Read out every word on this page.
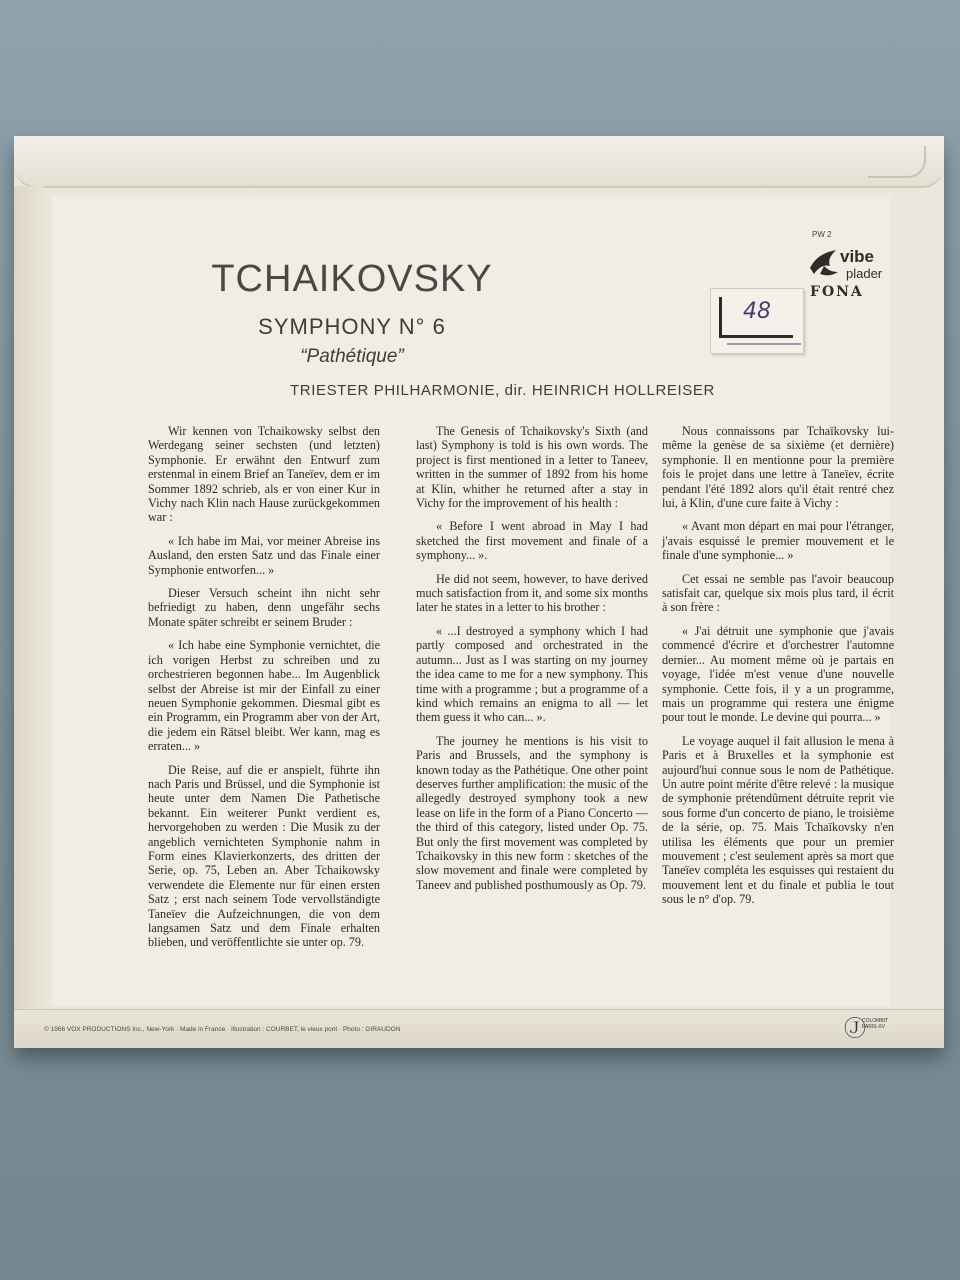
TCHAIKOVSKY
SYMPHONY N° 6
“Pathétique”
TRIESTER PHILHARMONIE, dir. HEINRICH HOLLREISER
48

Wir kennen von Tchaikowsky selbst den Werdegang seiner sechsten (und letzten) Symphonie. Er erwähnt den Entwurf zum erstenmal in einem Brief an Taneïev, dem er im Sommer 1892 schrieb, als er von einer Kur in Vichy nach Klin nach Hause zurückgekommen war :

« Ich habe im Mai, vor meiner Abreise ins Ausland, den ersten Satz und das Finale einer Symphonie entworfen... »

Dieser Versuch scheint ihn nicht sehr befriedigt zu haben, denn ungefähr sechs Monate später schreibt er seinem Bruder :

« Ich habe eine Symphonie vernichtet, die ich vorigen Herbst zu schreiben und zu orchestrieren begonnen habe... Im Augenblick selbst der Abreise ist mir der Einfall zu einer neuen Symphonie gekommen. Diesmal gibt es ein Programm, ein Programm aber von der Art, die jedem ein Rätsel bleibt. Wer kann, mag es erraten... »

Die Reise, auf die er anspielt, führte ihn nach Paris und Brüssel, und die Symphonie ist heute unter dem Namen Die Pathetische bekannt. Ein weiterer Punkt verdient es, hervorgehoben zu werden : Die Musik zu der angeblich vernichteten Symphonie nahm in Form eines Klavierkonzerts, des dritten der Serie, op. 75, Leben an. Aber Tchaikowsky verwendete die Elemente nur für einen ersten Satz ; erst nach seinem Tode vervollständigte Taneïev die Aufzeichnungen, die von dem langsamen Satz und dem Finale erhalten blieben, und veröffentlichte sie unter op. 79.

The Genesis of Tchaikovsky's Sixth (and last) Symphony is told is his own words. The project is first mentioned in a letter to Taneev, written in the summer of 1892 from his home at Klin, whither he returned after a stay in Vichy for the improvement of his health :

« Before I went abroad in May I had sketched the first movement and finale of a symphony... ».

He did not seem, however, to have derived much satisfaction from it, and some six months later he states in a letter to his brother :

« ...I destroyed a symphony which I had partly composed and orchestrated in the autumn... Just as I was starting on my journey the idea came to me for a new symphony. This time with a programme ; but a programme of a kind which remains an enigma to all — let them guess it who can... ».

The journey he mentions is his visit to Paris and Brussels, and the symphony is known today as the Pathétique. One other point deserves further amplification: the music of the allegedly destroyed symphony took a new lease on life in the form of a Piano Concerto — the third of this category, listed under Op. 75. But only the first movement was completed by Tchaikovsky in this new form : sketches of the slow movement and finale were completed by Taneev and published posthumously as Op. 79.

Nous connaissons par Tchaïkovsky lui-même la genèse de sa sixième (et dernière) symphonie. Il en mentionne pour la première fois le projet dans une lettre à Taneïev, écrite pendant l'été 1892 alors qu'il était rentré chez lui, à Klin, d'une cure faite à Vichy :

« Avant mon départ en mai pour l'étranger, j'avais esquissé le premier mouvement et le finale d'une symphonie... »

Cet essai ne semble pas l'avoir beaucoup satisfait car, quelque six mois plus tard, il écrit à son frère :

« J'ai détruit une symphonie que j'avais commencé d'écrire et d'orchestrer l'automne dernier... Au moment même où je partais en voyage, l'idée m'est venue d'une nouvelle symphonie. Cette fois, il y a un programme, mais un programme qui restera une énigme pour tout le monde. Le devine qui pourra... »

Le voyage auquel il fait allusion le mena à Paris et à Bruxelles et la symphonie est aujourd'hui connue sous le nom de Pathétique. Un autre point mérite d'être relevé : la musique de symphonie prétendûment détruite reprit vie sous forme d'un concerto de piano, le troisième de la série, op. 75. Mais Tchaïkovsky n'en utilisa les éléments que pour un premier mouvement ; c'est seulement après sa mort que Taneïev compléta les esquisses qui restaient du mouvement lent et du finale et publia le tout sous le n° d'op. 79.

PW 2
vibe
plader
FONA
© 1966 VOX PRODUCTIONS Inc., New-York · Made in France · Illustration : COURBET, le vieux pont · Photo : GIRAUDON	Ⓙ
COLOMBIT
PARIS-XV
